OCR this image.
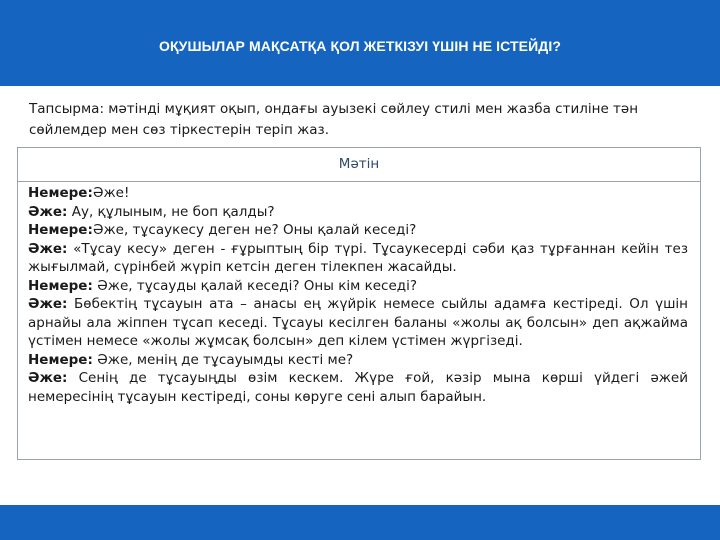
ОҚУШЫЛАР МАҚСАТҚА ҚОЛ ЖЕТКІЗУІ ҮШІН НЕ ІСТЕЙДІ?
Тапсырма: мәтінді мұқият оқып, ондағы ауызекі сөйлеу стилі мен жазба стиліне тән сөйлемдер мен сөз тіркестерін теріп жаз.
Мәтін

Немере:Әже!

Әже: Ау, құлыным, не боп қалды?

Немере:Әже, тұсаукесу деген не? Оны қалай кеседі?

Әже: «Тұсау кесу» деген - ғұрыптың бір түрі. Тұсаукесерді сәби қаз тұрғаннан кейін тез жығылмай, сүрінбей жүріп кетсін деген тілекпен жасайды.

Немере: Әже, тұсауды қалай кеседі? Оны кім кеседі?

Әже: Бөбектің тұсауын ата – анасы ең жүйрік немесе сыйлы адамға кестіреді. Ол үшін арнайы ала жіппен тұсап кеседі. Тұсауы кесілген баланы «жолы ақ болсын» деп ақжайма үстімен немесе «жолы жұмсақ болсын» деп кілем үстімен жүргізеді.

Немере: Әже, менің де тұсауымды кесті ме?

Әже: Сенің де тұсауыңды өзім кескем. Жүре ғой, кәзір мына көрші үйдегі әжей немересінің тұсауын кестіреді, соны көруге сені алып барайын.
